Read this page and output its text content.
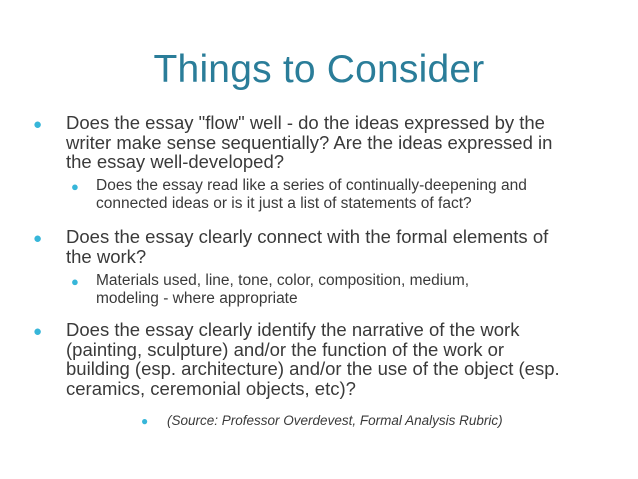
Things to Consider
● Does the essay "flow" well - do the ideas expressed by the
writer make sense sequentially? Are the ideas expressed in
the essay well-developed?
● Does the essay read like a series of continually-deepening and
connected ideas or is it just a list of statements of fact?
● Does the essay clearly connect with the formal elements of
the work?
● Materials used, line, tone, color, composition, medium,
modeling - where appropriate
● Does the essay clearly identify the narrative of the work
(painting, sculpture) and/or the function of the work or
building (esp. architecture) and/or the use of the object (esp.
ceramics, ceremonial objects, etc)?
● (Source: Professor Overdevest, Formal Analysis Rubric)
